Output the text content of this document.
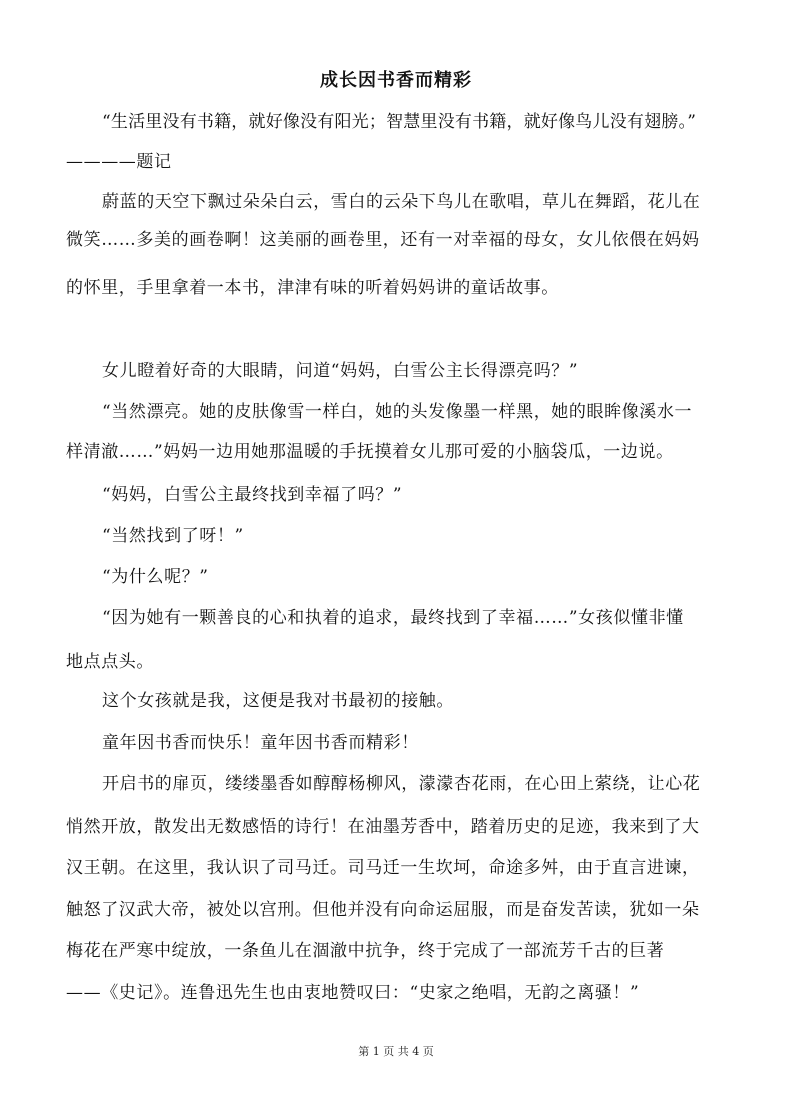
成长因书香而精彩
“生活里没有书籍，就好像没有阳光；智慧里没有书籍，就好像鸟儿没有翅膀。”
————题记
蔚蓝的天空下飘过朵朵白云，雪白的云朵下鸟儿在歌唱，草儿在舞蹈，花儿在
微笑……多美的画卷啊！这美丽的画卷里，还有一对幸福的母女，女儿依偎在妈妈
的怀里，手里拿着一本书，津津有味的听着妈妈讲的童话故事。
女儿瞪着好奇的大眼睛，问道“妈妈，白雪公主长得漂亮吗？”
“当然漂亮。她的皮肤像雪一样白，她的头发像墨一样黑，她的眼眸像溪水一
样清澈……”妈妈一边用她那温暖的手抚摸着女儿那可爱的小脑袋瓜，一边说。
“妈妈，白雪公主最终找到幸福了吗？”
“当然找到了呀！”
“为什么呢？”
“因为她有一颗善良的心和执着的追求，最终找到了幸福……”女孩似懂非懂
地点点头。
这个女孩就是我，这便是我对书最初的接触。
童年因书香而快乐！童年因书香而精彩！
开启书的扉页，缕缕墨香如醇醇杨柳风，濛濛杏花雨，在心田上萦绕，让心花
悄然开放，散发出无数感悟的诗行！在油墨芳香中，踏着历史的足迹，我来到了大
汉王朝。在这里，我认识了司马迁。司马迁一生坎坷，命途多舛，由于直言进谏，
触怒了汉武大帝，被处以宫刑。但他并没有向命运屈服，而是奋发苦读，犹如一朵
梅花在严寒中绽放，一条鱼儿在涸澈中抗争，终于完成了一部流芳千古的巨著
——《史记》。连鲁迅先生也由衷地赞叹曰：“史家之绝唱，无韵之离骚！”
第 1 页 共 4 页
